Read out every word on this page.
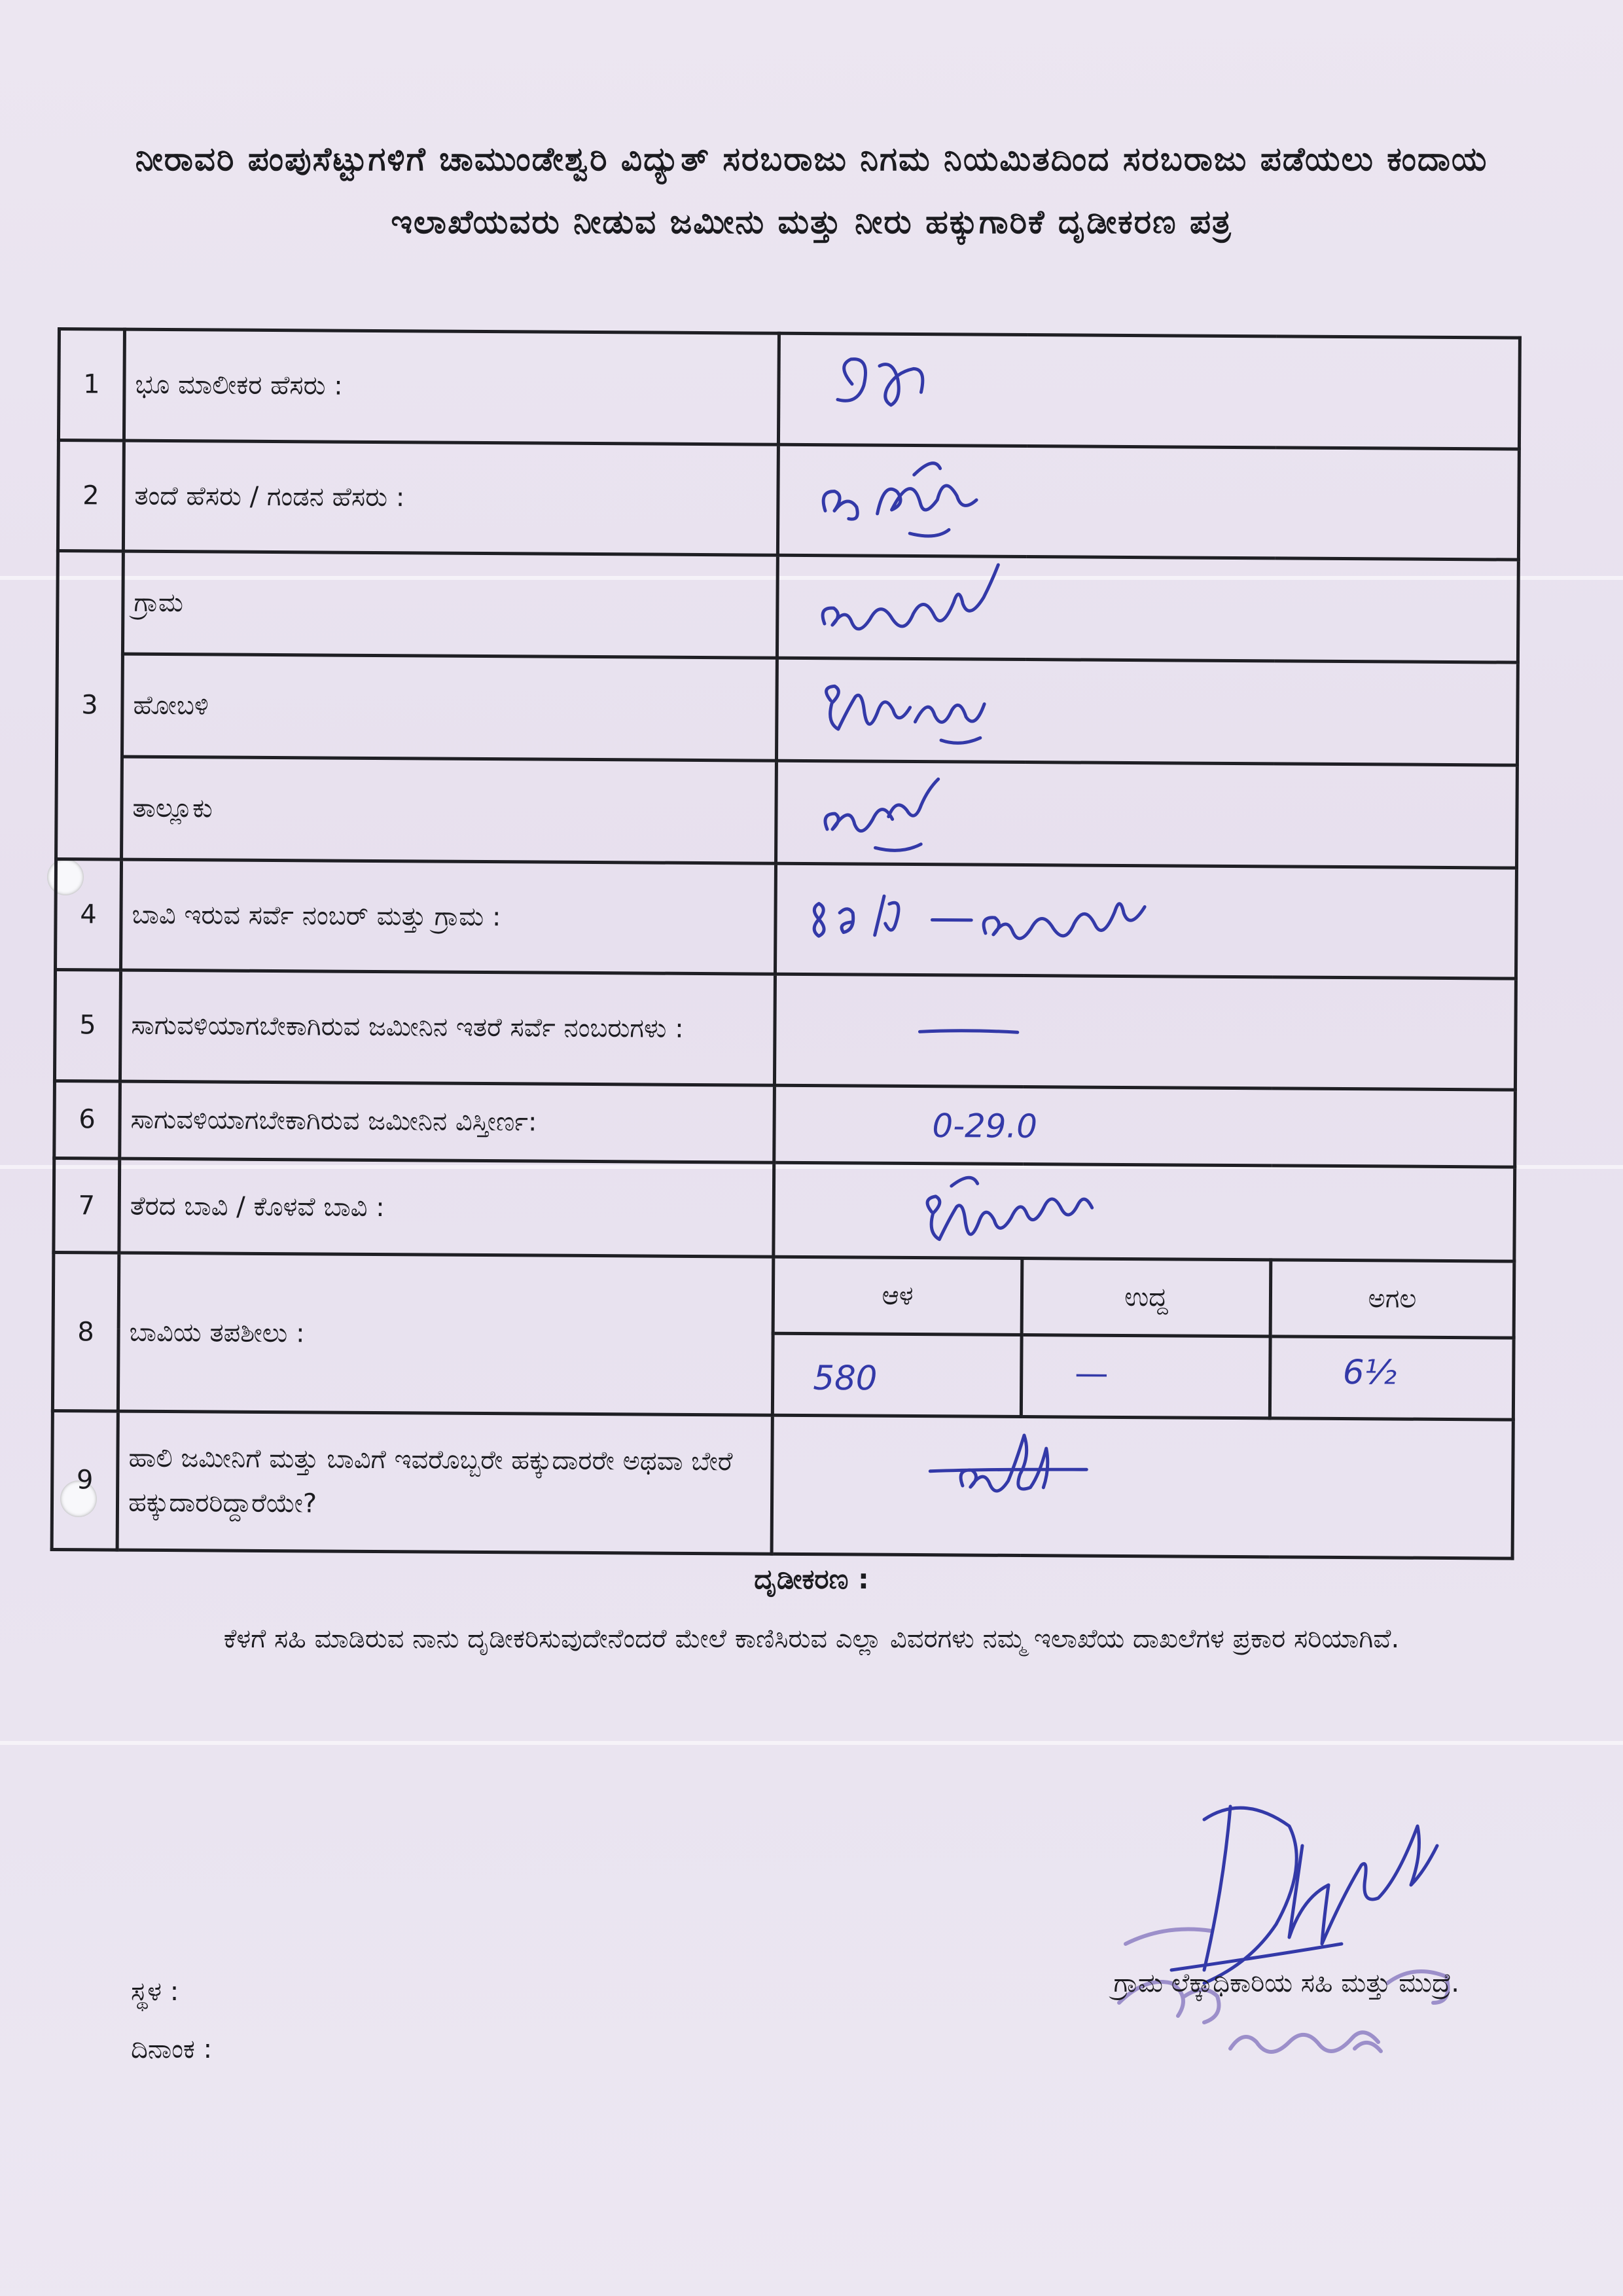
ನೀರಾವರಿ ಪಂಪುಸೆಟ್ಟುಗಳಿಗೆ ಚಾಮುಂಡೇಶ್ವರಿ ವಿದ್ಯುತ್ ಸರಬರಾಜು ನಿಗಮ ನಿಯಮಿತದಿಂದ ಸರಬರಾಜು ಪಡೆಯಲು ಕಂದಾಯ ಇಲಾಖೆಯವರು ನೀಡುವ ಜಮೀನು ಮತ್ತು ನೀರು ಹಕ್ಕುಗಾರಿಕೆ ದೃಡೀಕರಣ ಪತ್ರ
1	ಭೂ ಮಾಲೀಕರ ಹೆಸರು :	

2	ತಂದೆ ಹೆಸರು / ಗಂಡನ ಹೆಸರು :	

3	ಗ್ರಾಮ	

	ಹೋಬಳಿ	

	ತಾಲ್ಲೂಕು	

4	ಬಾವಿ ಇರುವ ಸರ್ವೆ ನಂಬರ್ ಮತ್ತು ಗ್ರಾಮ :	

5	ಸಾಗುವಳಿಯಾಗಬೇಕಾಗಿರುವ ಜಮೀನಿನ ಇತರೆ ಸರ್ವೆ ನಂಬರುಗಳು :	

6	ಸಾಗುವಳಿಯಾಗಬೇಕಾಗಿರುವ ಜಮೀನಿನ ವಿಸ್ತೀರ್ಣ:	0-29.0		

7	ತೆರದ ಬಾವಿ / ಕೊಳವೆ ಬಾವಿ :	

8	ಬಾವಿಯ ತಪಶೀಲು :	ಆಳ	ಉದ್ದ	ಅಗಲ

580	—	6½

9	ಹಾಲಿ ಜಮೀನಿಗೆ ಮತ್ತು ಬಾವಿಗೆ ಇವರೊಬ್ಬರೇ ಹಕ್ಕುದಾರರೇ ಅಥವಾ ಬೇರೆ ಹಕ್ಕುದಾರರಿದ್ದಾರೆಯೇ?	
ದೃಡೀಕರಣ :
ಕೆಳಗೆ ಸಹಿ ಮಾಡಿರುವ ನಾನು ದೃಡೀಕರಿಸುವುದೇನೆಂದರೆ ಮೇಲೆ ಕಾಣಿಸಿರುವ ಎಲ್ಲಾ ವಿವರಗಳು ನಮ್ಮ ಇಲಾಖೆಯ ದಾಖಲೆಗಳ ಪ್ರಕಾರ ಸರಿಯಾಗಿವೆ.
ಸ್ಥಳ :
ದಿನಾಂಕ :
ಗ್ರಾಮ ಲೆಕ್ಕಾಧಿಕಾರಿಯ ಸಹಿ ಮತ್ತು ಮುದ್ರೆ.
